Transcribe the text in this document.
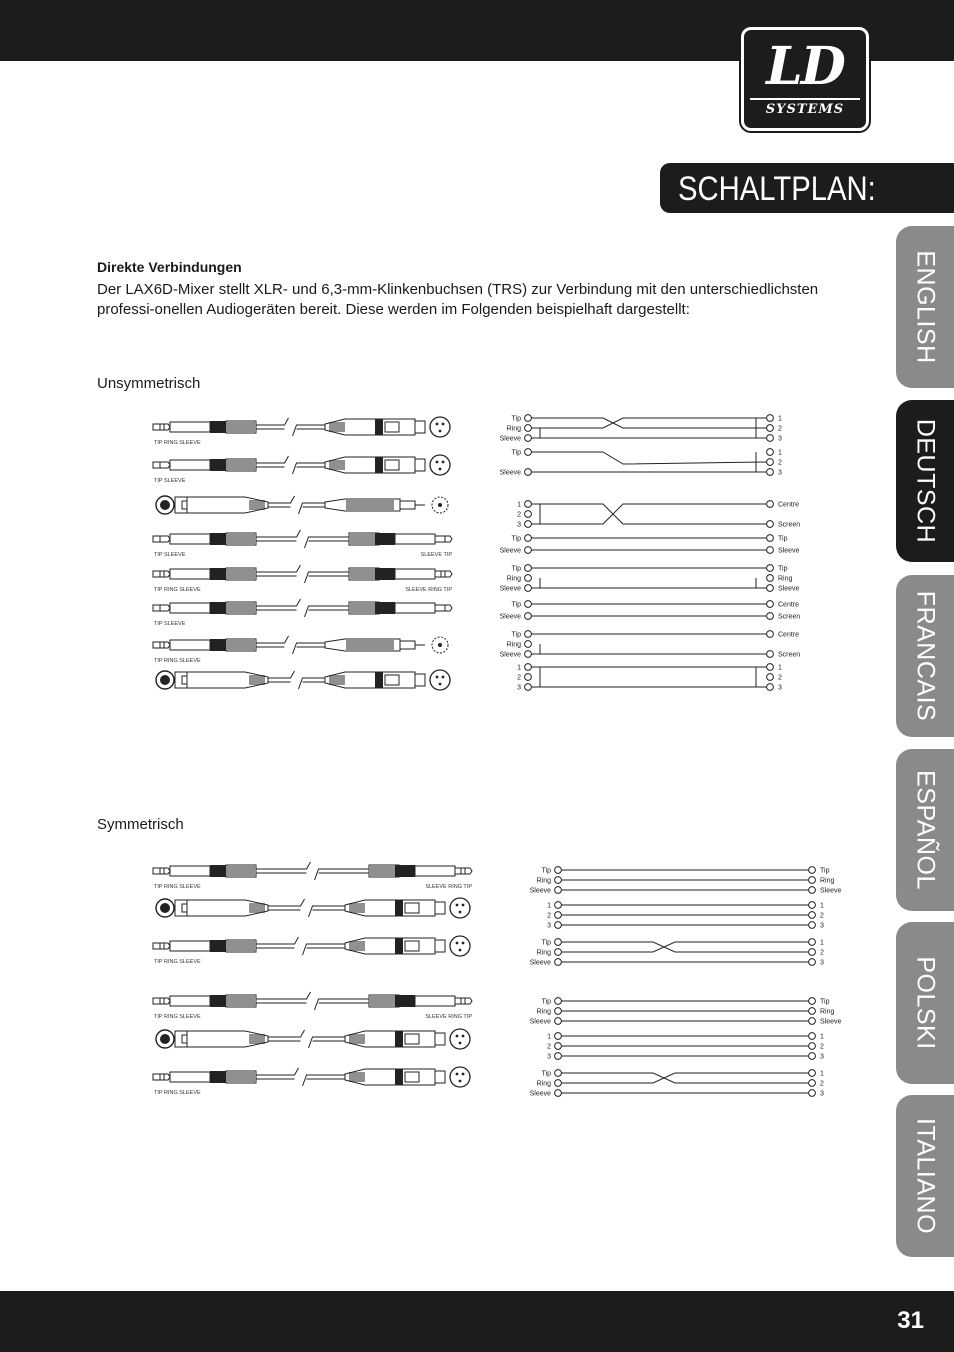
LD
SYSTEMS
SCHALTPLAN:
ENGLISH
DEUTSCH
FRANCAIS
ESPAÑOL
POLSKI
ITALIANO
Direkte Verbindungen
Der LAX6D-Mixer stellt XLR- und 6,3-mm-Klinkenbuchsen (TRS) zur Verbindung mit den unterschiedlichsten professi-onellen Audiogeräten bereit. Diese werden im Folgenden beispielhaft dargestellt:
Unsymmetrisch
Symmetrisch
TIP RING SLEEVE
TIP SLEEVE
TIP SLEEVE	SLEEVE TIP
TIP RING SLEEVE	SLEEVE RING TIP
TIP SLEEVE
TIP RING SLEEVE
Tip
Ring
Sleeve
1
2
3
Tip
Sleeve
1
2
3
1
2
3
Centre
Screen
Tip
Sleeve
Tip
Sleeve
Tip
Ring
Sleeve
Tip
Ring
Sleeve
Tip
Sleeve
Centre
Screen
Tip
Ring
Sleeve
Centre
Screen
1
2
3
1
2
3
TIP RING SLEEVE	SLEEVE RING TIP
TIP RING SLEEVE
TIP RING SLEEVE	SLEEVE RING TIP
TIP RING SLEEVE
Tip
Ring
Sleeve
Tip
Ring
Sleeve
1
2
3
1
2
3
Tip
Ring
Sleeve
1
2
3
Tip
Ring
Sleeve
Tip
Ring
Sleeve
1
2
3
1
2
3
Tip
Ring
Sleeve
1
2
3
31
